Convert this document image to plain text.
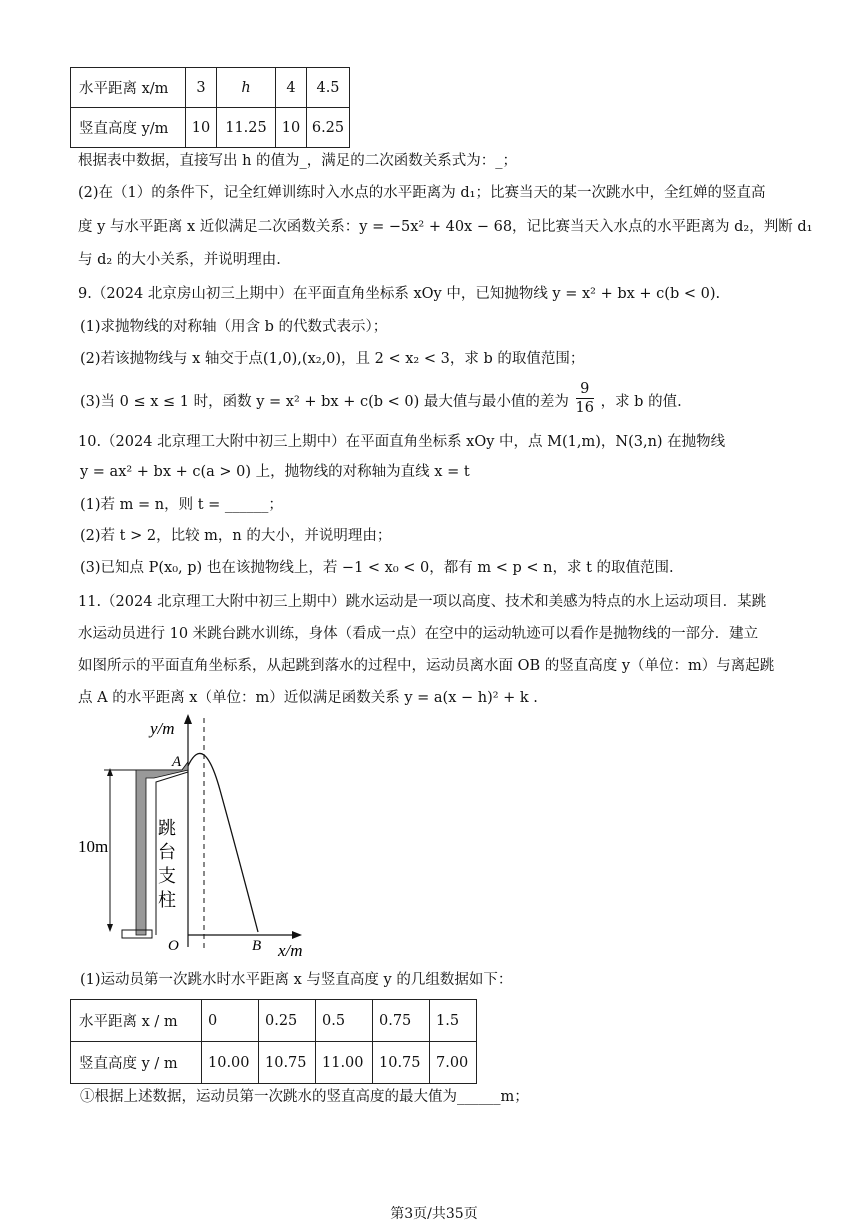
水平距离 x/m	3	h	4	4.5
竖直高度 y/m	10	11.25	10	6.25
根据表中数据，直接写出 h 的值为_，满足的二次函数关系式为：_；
(2)在（1）的条件下，记全红婵训练时入水点的水平距离为 d₁；比赛当天的某一次跳水中，全红婵的竖直高
度 y 与水平距离 x 近似满足二次函数关系：y = −5x² + 40x − 68，记比赛当天入水点的水平距离为 d₂，判断 d₁
与 d₂ 的大小关系，并说明理由.
9.（2024 北京房山初三上期中）在平面直角坐标系 xOy 中，已知抛物线 y = x² + bx + c(b < 0).
(1)求抛物线的对称轴（用含 b 的代数式表示）；
(2)若该抛物线与 x 轴交于点(1,0),(x₂,0)，且 2 < x₂ < 3，求 b 的取值范围；
(3)当 0 ≤ x ≤ 1 时，函数 y = x² + bx + c(b < 0) 最大值与最小值的差为 $\frac{9}{16}$ ，求 b 的值.
10.（2024 北京理工大附中初三上期中）在平面直角坐标系 xOy 中，点 M(1,m)，N(3,n) 在抛物线
y = ax² + bx + c(a > 0) 上，抛物线的对称轴为直线 x = t
(1)若 m = n，则 t = ______；
(2)若 t > 2，比较 m，n 的大小，并说明理由；
(3)已知点 P(x₀, p) 也在该抛物线上，若 −1 < x₀ < 0，都有 m < p < n，求 t 的取值范围.
11.（2024 北京理工大附中初三上期中）跳水运动是一项以高度、技术和美感为特点的水上运动项目．某跳
水运动员进行 10 米跳台跳水训练，身体（看成一点）在空中的运动轨迹可以看作是抛物线的一部分．建立
如图所示的平面直角坐标系，从起跳到落水的过程中，运动员离水面 OB 的竖直高度 y（单位：m）与离起跳
点 A 的水平距离 x（单位：m）近似满足函数关系 y = a(x − h)² + k .
y/m
x/m
A
O	B
10m
跳
台
支
柱
(1)运动员第一次跳水时水平距离 x 与竖直高度 y 的几组数据如下：
水平距离 x / m	0	0.25	0.5	0.75	1.5
竖直高度 y / m	10.00	10.75	11.00	10.75	7.00
①根据上述数据，运动员第一次跳水的竖直高度的最大值为______m；
第3页/共35页
